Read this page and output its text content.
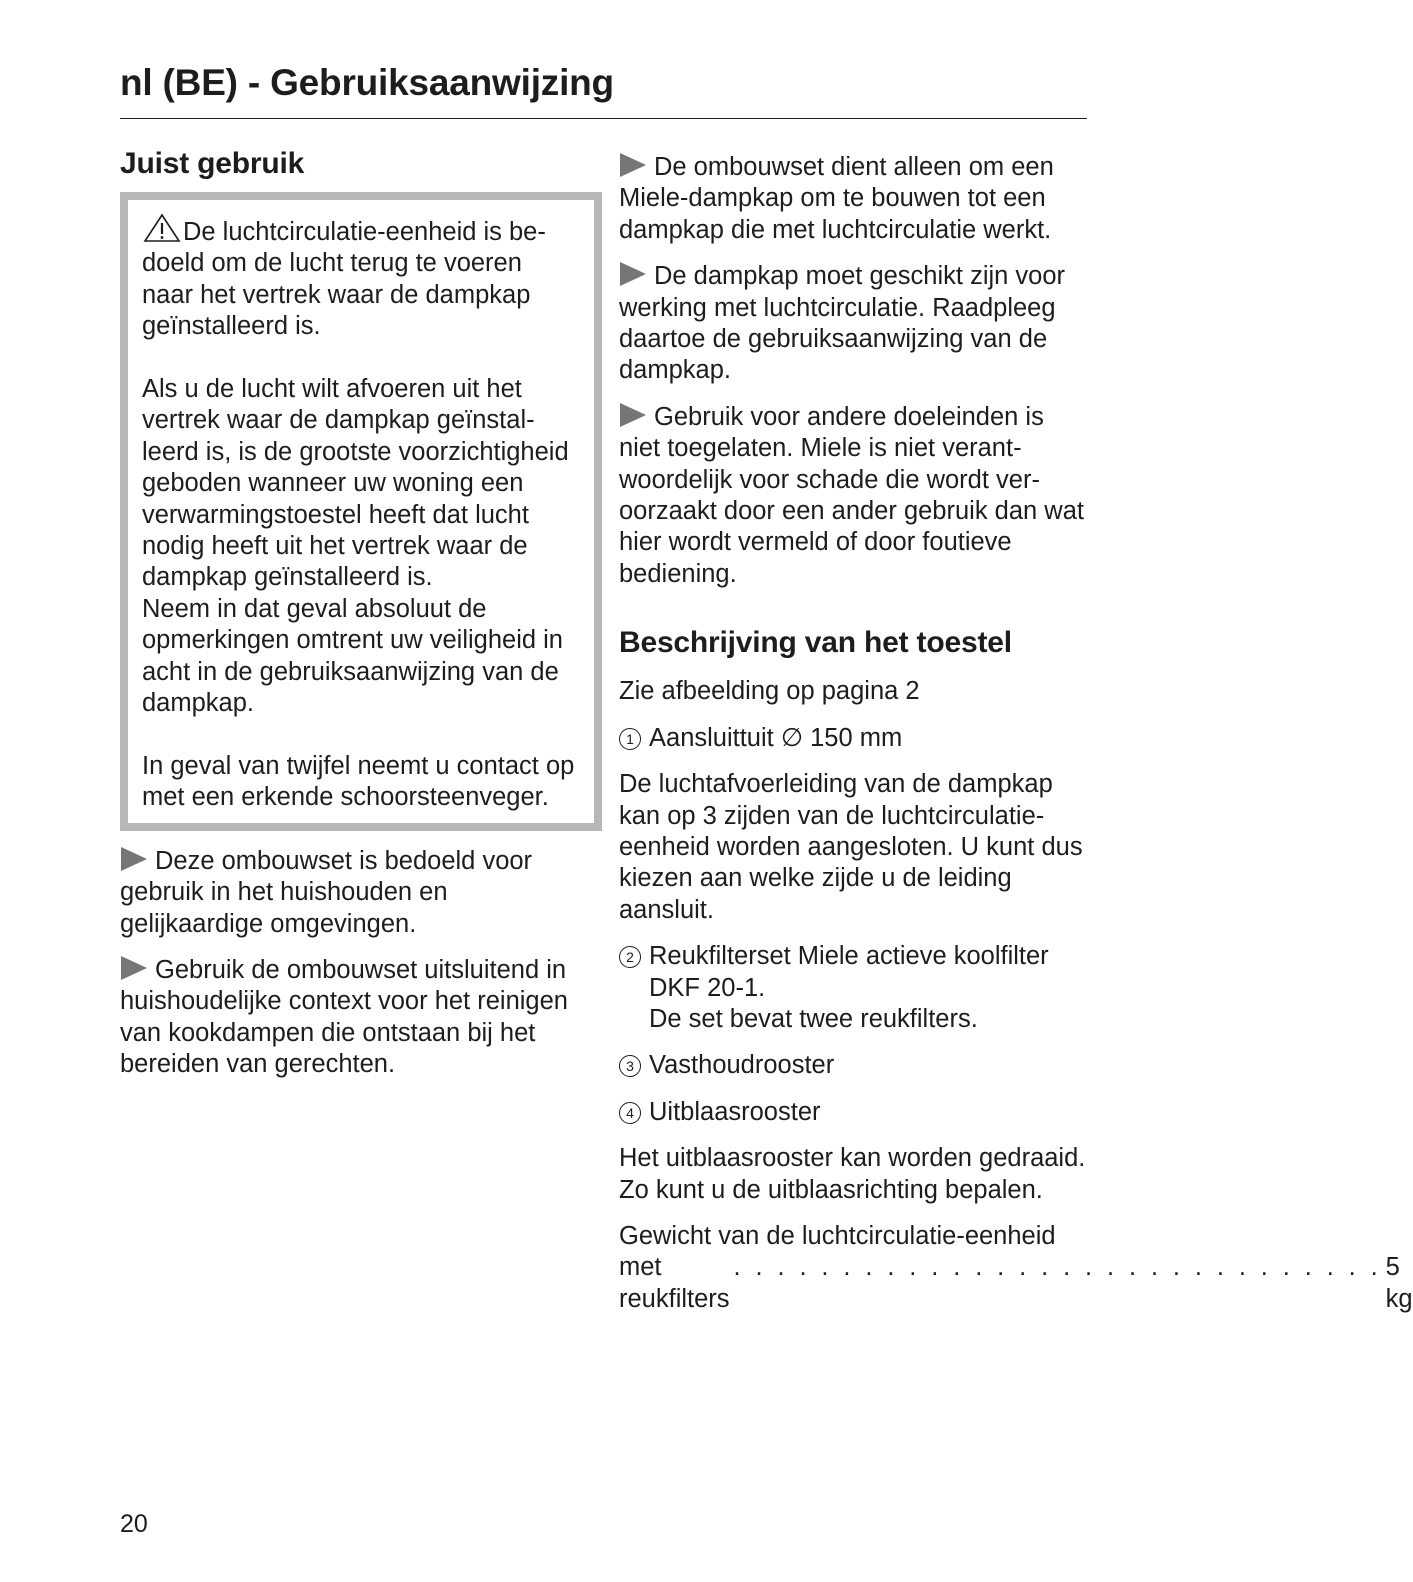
nl (BE) - Gebruiksaanwijzing
Juist gebruik

De luchtcirculatie-eenheid is bedoeld om de lucht terug te voeren naar het vertrek waar de dampkap geïnstalleerd is.

Als u de lucht wilt afvoeren uit het vertrek waar de dampkap geïnstalleerd is, is de grootste voorzichtigheid geboden wanneer uw woning een verwarmingstoestel heeft dat lucht nodig heeft uit het vertrek waar de dampkap geïnstalleerd is.

Neem in dat geval absoluut de opmerkingen omtrent uw veiligheid in acht in de gebruiksaanwijzing van de dampkap.

In geval van twijfel neemt u contact op met een erkende schoorsteenveger.

Deze ombouwset is bedoeld voor gebruik in het huishouden en gelijkaardige omgevingen.

Gebruik de ombouwset uitsluitend in huishoudelijke context voor het reinigen van kookdampen die ontstaan bij het bereiden van gerechten.

De ombouwset dient alleen om een Miele-dampkap om te bouwen tot een dampkap die met luchtcirculatie werkt.

De dampkap moet geschikt zijn voor werking met luchtcirculatie. Raadpleeg daartoe de gebruiksaanwijzing van de dampkap.

Gebruik voor andere doeleinden is niet toegelaten. Miele is niet verantwoordelijk voor schade die wordt veroorzaakt door een ander gebruik dan wat hier wordt vermeld of door foutieve bediening.

Beschrijving van het toestel

Zie afbeelding op pagina 2

1 Aansluittuit ∅ 150 mm

De luchtafvoerleiding van de dampkap kan op 3 zijden van de luchtcirculatie-eenheid worden aangesloten. U kunt dus kiezen aan welke zijde u de leiding aansluit.

2 Reukfilterset Miele actieve koolfilter DKF 20-1.
De set bevat twee reukfilters.

3 Vasthoudrooster

4 Uitblaasrooster

Het uitblaasrooster kan worden gedraaid. Zo kunt u de uitblaasrichting bepalen.

Gewicht van de luchtcirculatie-eenheid

met reukfilters
. . . . . . . . . . . . . . . . . . . . . . . . . . . . . . 5 kg

20
